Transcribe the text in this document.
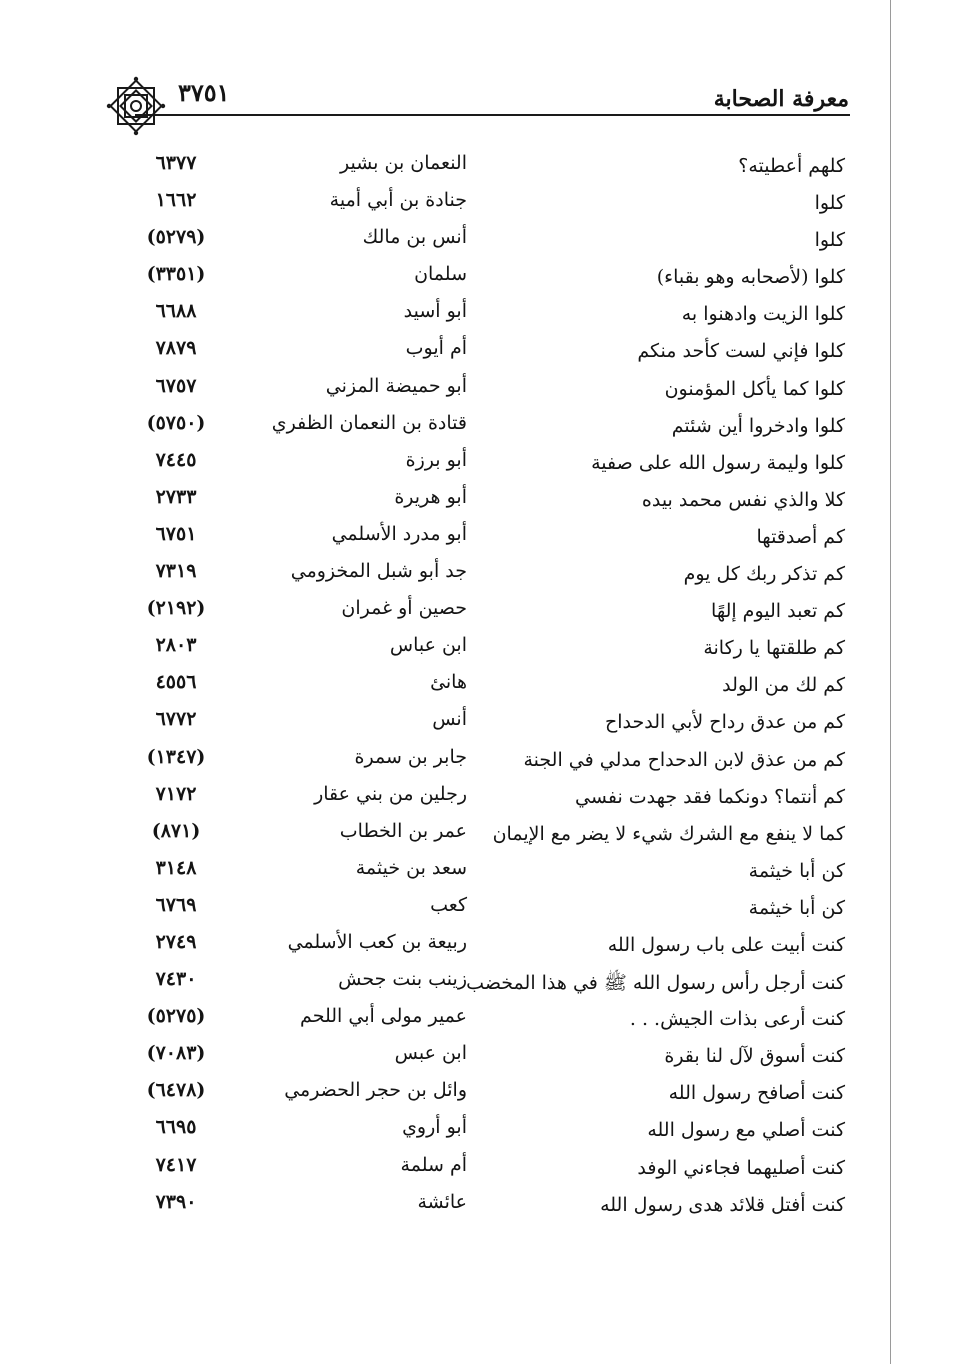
معرفة الصحابة
٣٧٥١
كلهم أعطيته؟
النعمان بن بشير
٦٣٧٧
كلوا
جنادة بن أبي أمية
١٦٦٢
كلوا
أنس بن مالك
(٥٢٧٩)
كلوا (لأصحابه وهو بقباء)
سلمان
(٣٣٥١)
كلوا الزيت وادهنوا به
أبو أسيد
٦٦٨٨
كلوا فإني لست كأحد منكم
أم أيوب
٧٨٧٩
كلوا كما يأكل المؤمنون
أبو حميضة المزني
٦٧٥٧
كلوا وادخروا أين شئتم
قتادة بن النعمان الظفري
(٥٧٥٠)
كلوا وليمة رسول الله على صفية
أبو برزة
٧٤٤٥
كلا والذي نفس محمد بيده
أبو هريرة
٢٧٣٣
كم أصدقتها
أبو مدرد الأسلمي
٦٧٥١
كم تذكر ربك كل يوم
جد أبو شبل المخزومي
٧٣١٩
كم تعبد اليوم إلهًا
حصين أو غمران
(٢١٩٢)
كم طلقتها يا ركانة
ابن عباس
٢٨٠٣
كم لك من الولد
هانئ
٤٥٥٦
كم من عدق رداح لأبي الدحداح
أنس
٦٧٧٢
كم من عذق لابن الدحداح مدلي في الجنة
جابر بن سمرة
(١٣٤٧)
كم أنتما؟ دونكما فقد جهدت نفسي
رجلين من بني عقار
٧١٧٢
كما لا ينفع مع الشرك شيء لا يضر مع الإيمان
عمر بن الخطاب
(٨٧١)
كن أبا خيثمة
سعد بن خيثمة
٣١٤٨
كن أبا خيثمة
كعب
٦٧٦٩
كنت أبيت على باب رسول الله
ربيعة بن كعب الأسلمي
٢٧٤٩
كنت أرجل رأس رسول الله ﷺ في هذا المخضب
زينب بنت جحش
٧٤٣٠
كنت أرعى بذات الجيش. . .
عمير مولى أبي اللحم
(٥٢٧٥)
كنت أسوق لآل لنا بقرة
ابن عبس
(٧٠٨٣)
كنت أصافح رسول الله
وائل بن حجر الحضرمي
(٦٤٧٨)
كنت أصلي مع رسول الله
أبو أروي
٦٦٩٥
كنت أصليهما فجاءني الوفد
أم سلمة
٧٤١٧
كنت أفتل قلائد هدى رسول الله
عائشة
٧٣٩٠
